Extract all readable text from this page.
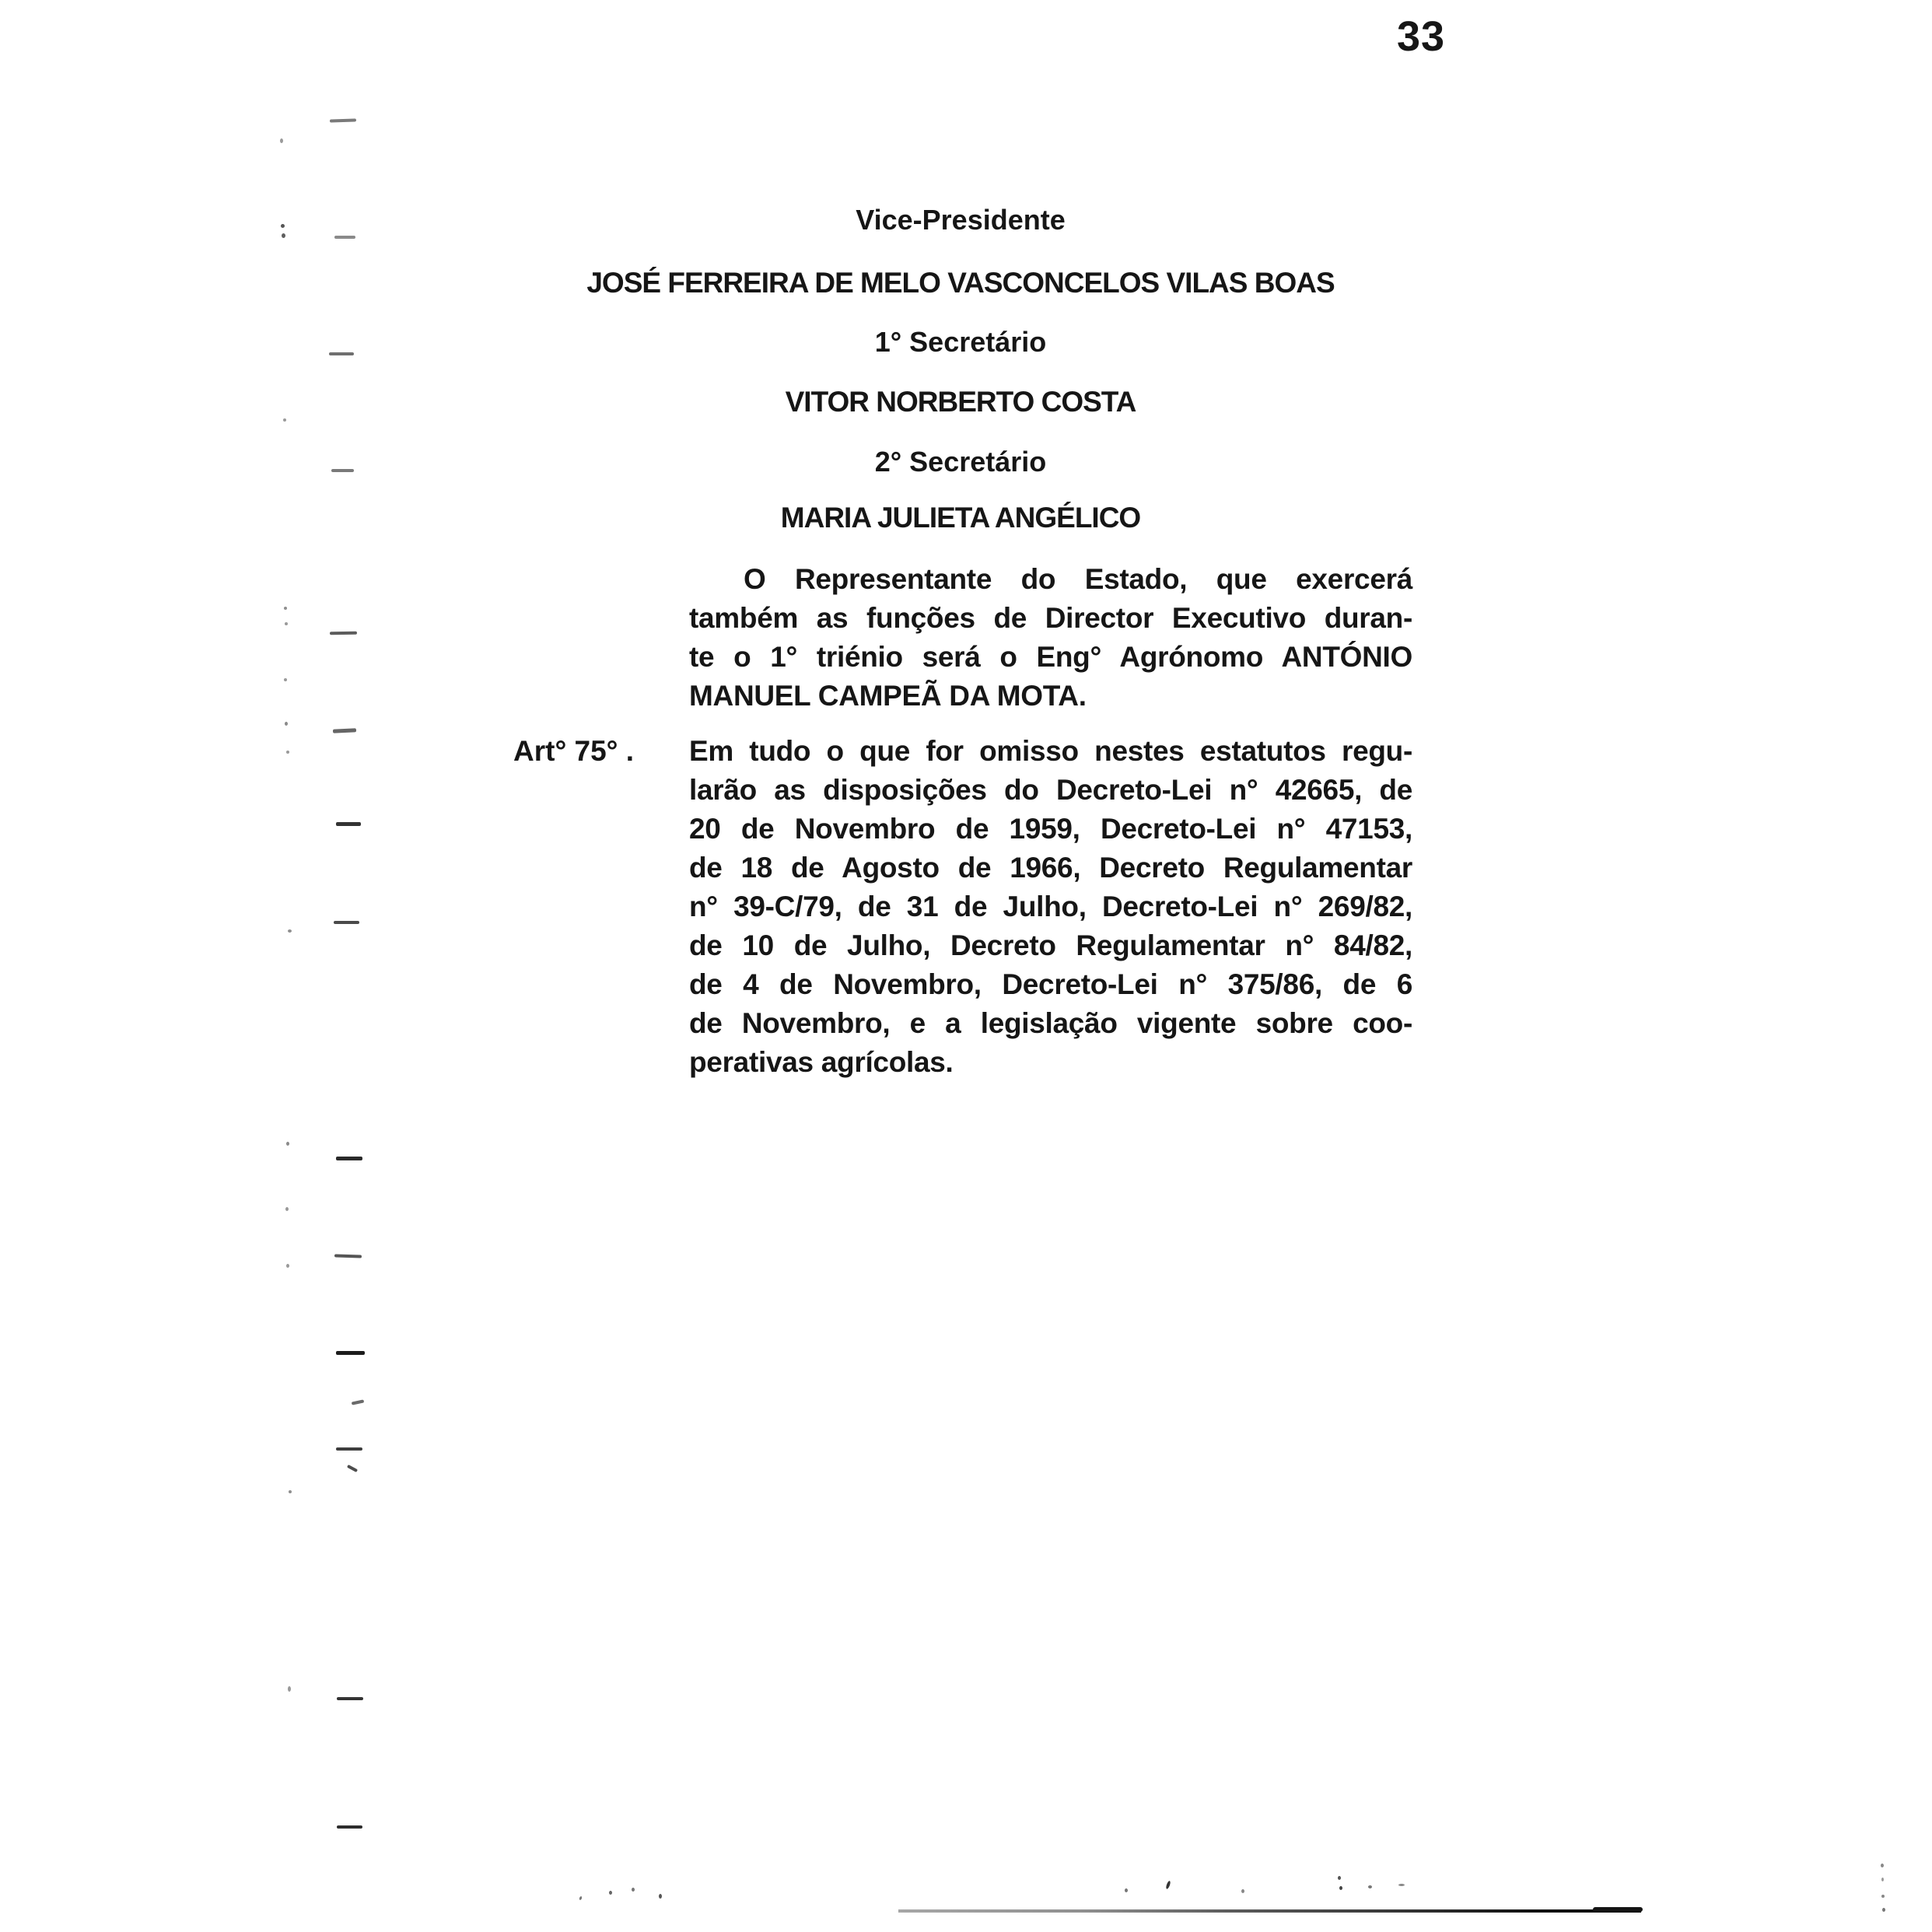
33
Vice-Presidente
JOSÉ FERREIRA DE MELO VASCONCELOS VILAS BOAS
1° Secretário
VITOR NORBERTO COSTA
2° Secretário
MARIA JULIETA ANGÉLICO
O Representante do Estado, que exercerá
também as funções de Director Executivo duran-
te o 1° triénio será o Eng° Agrónomo ANTÓNIO
MANUEL CAMPEÃ DA MOTA.
Art° 75° . Em tudo o que for omisso nestes estatutos regu-
larão as disposições do Decreto-Lei n° 42665, de
20 de Novembro de 1959, Decreto-Lei n° 47153,
de 18 de Agosto de 1966, Decreto Regulamentar
n° 39-C/79, de 31 de Julho, Decreto-Lei n° 269/82,
de 10 de Julho, Decreto Regulamentar n° 84/82,
de 4 de Novembro, Decreto-Lei n° 375/86, de 6
de Novembro, e a legislação vigente sobre coo-
perativas agrícolas.
